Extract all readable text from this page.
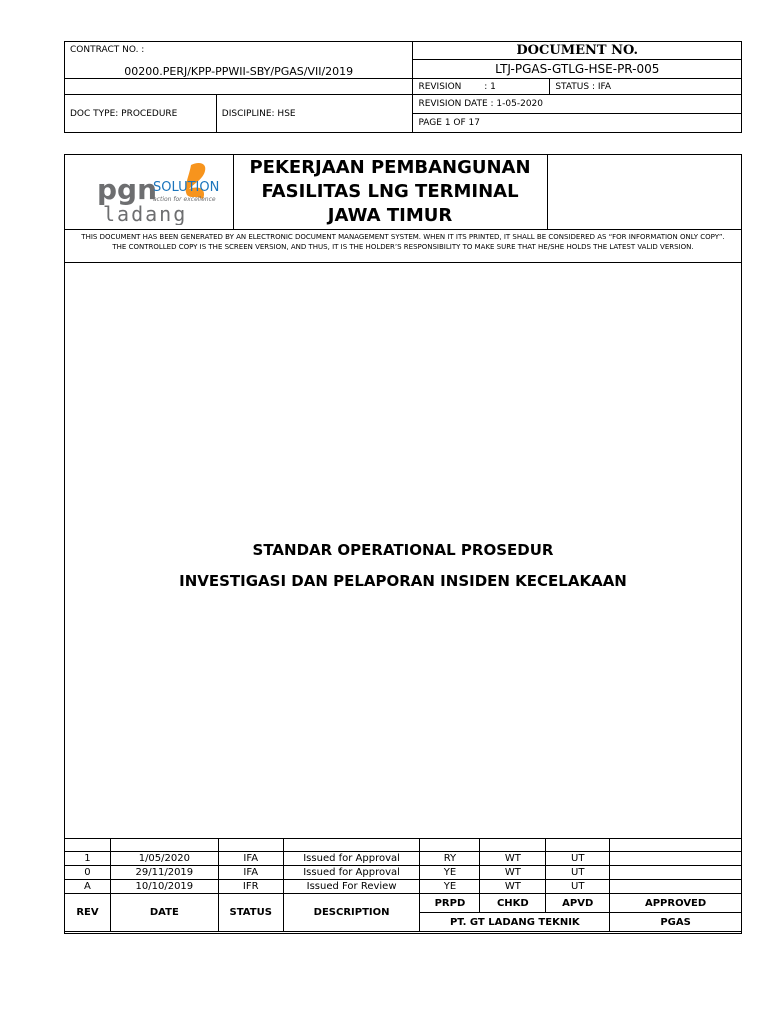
CONTRACT NO. :
00200.PERJ/KPP-PPWII-SBY/PGAS/VII/2019		DOCUMENT NO.	
		LTJ-PGAS-GTLG-HSE-PR-005	
		REVISION        : 1	STATUS : IFA
DOC TYPE: PROCEDURE	DISCIPLINE: HSE	REVISION DATE : 1-05-2020	
		PAGE 1 OF 17	
pgn
SOLUTION
action for excellence
ladang
PEKERJAAN PEMBANGUNAN
FASILITAS LNG TERMINAL
JAWA TIMUR
THIS DOCUMENT HAS BEEN GENERATED BY AN ELECTRONIC DOCUMENT MANAGEMENT SYSTEM. WHEN IT ITS PRINTED, IT SHALL BE CONSIDERED AS “FOR INFORMATION ONLY COPY”. THE CONTROLLED COPY IS THE SCREEN VERSION, AND THUS, IT IS THE HOLDER’S RESPONSIBILITY TO MAKE SURE THAT HE/SHE HOLDS THE LATEST VALID VERSION.
STANDAR OPERATIONAL PROSEDUR
INVESTIGASI DAN PELAPORAN INSIDEN KECELAKAAN

1	1/05/2020	IFA	Issued for Approval	RY	WT	UT	
0	29/11/2019	IFA	Issued for Approval	YE	WT	UT	
A	10/10/2019	IFR	Issued For Review	YE	WT	UT	
REV	DATE	STATUS	DESCRIPTION	PRPD	CHKD	APVD	APPROVED
				PT. GT LADANG TEKNIK			PGAS
